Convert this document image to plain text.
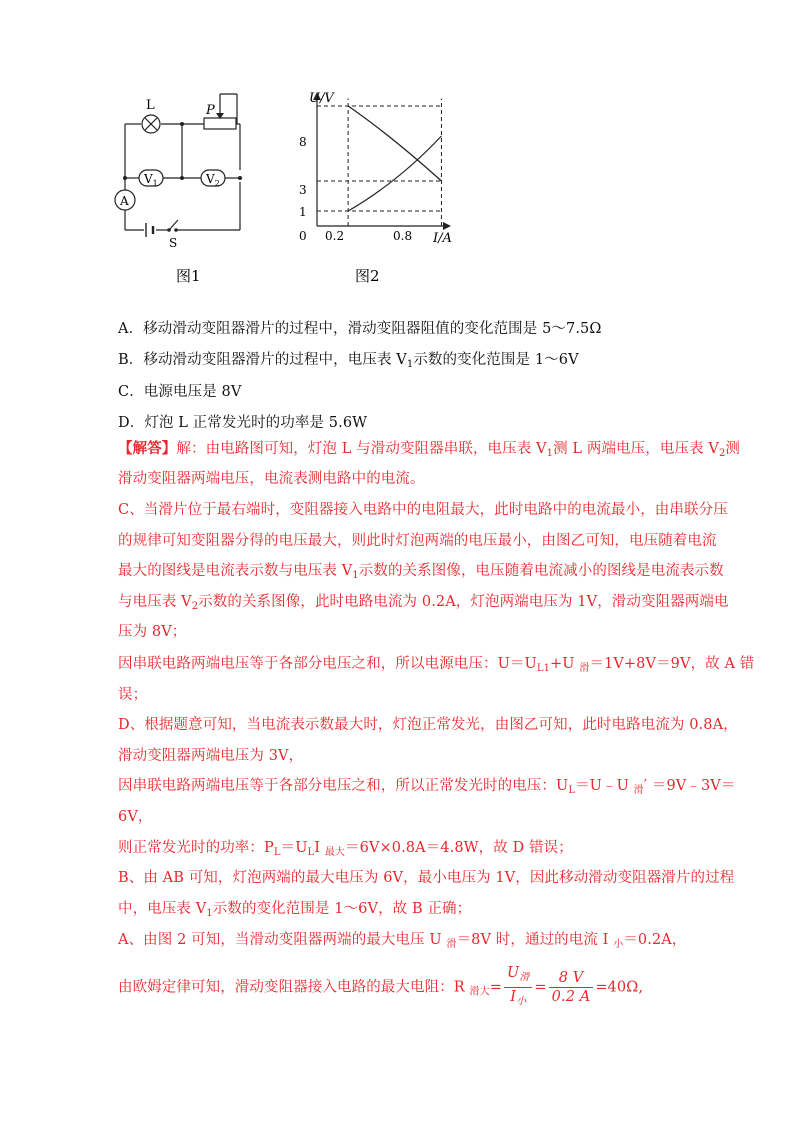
L	P
$V_1$	$V_2$
A
S
图1
U/V
I/A
0
8
3
1
0.2	0.8
图2
A．移动滑动变阻器滑片的过程中，滑动变阻器阻值的变化范围是 5～7.5Ω
B．移动滑动变阻器滑片的过程中，电压表 $V_1$示数的变化范围是 1～6V
C．电源电压是 8V
D．灯泡 L 正常发光时的功率是 5.6W
【解答】解：由电路图可知，灯泡 L 与滑动变阻器串联，电压表 $V_1$测 L 两端电压，电压表 $V_2$测
滑动变阻器两端电压，电流表测电路中的电流。
C、当滑片位于最右端时，变阻器接入电路中的电阻最大，此时电路中的电流最小，由串联分压
的规律可知变阻器分得的电压最大，则此时灯泡两端的电压最小，由图乙可知，电压随着电流
最大的图线是电流表示数与电压表 $V_1$示数的关系图像，电压随着电流减小的图线是电流表示数
与电压表 $V_2$示数的关系图像，此时电路电流为 0.2A，灯泡两端电压为 1V，滑动变阻器两端电
压为 8V；
因串联电路两端电压等于各部分电压之和，所以电源电压：$U=U_{L1}+U$ $_滑$＝1V+8V＝9V，故 A 错
误；
D、根据题意可知，当电流表示数最大时，灯泡正常发光，由图乙可知，此时电路电流为 0.8A，
滑动变阻器两端电压为 3V，
因串联电路两端电压等于各部分电压之和，所以正常发光时的电压：$U_L=U﹣U$ $_滑$′ ＝9V﹣3V＝
6V，
则正常发光时的功率：$P_L=U_LI$ $_{最大}$＝6V×0.8A＝4.8W，故 D 错误；
B、由 AB 可知，灯泡两端的最大电压为 6V，最小电压为 1V，因此移动滑动变阻器滑片的过程
中，电压表 $V_1$示数的变化范围是 1～6V，故 B 正确；
A、由图 2 可知，当滑动变阻器两端的最大电压 U $_滑$＝8V 时，通过的电流 I $_小$＝0.2A，
由欧姆定律可知，滑动变阻器接入电路的最大电阻：R $_{滑大}= \frac{U_滑}{I_小} = \frac{8 V}{0.2 A} =40\Omega$,
